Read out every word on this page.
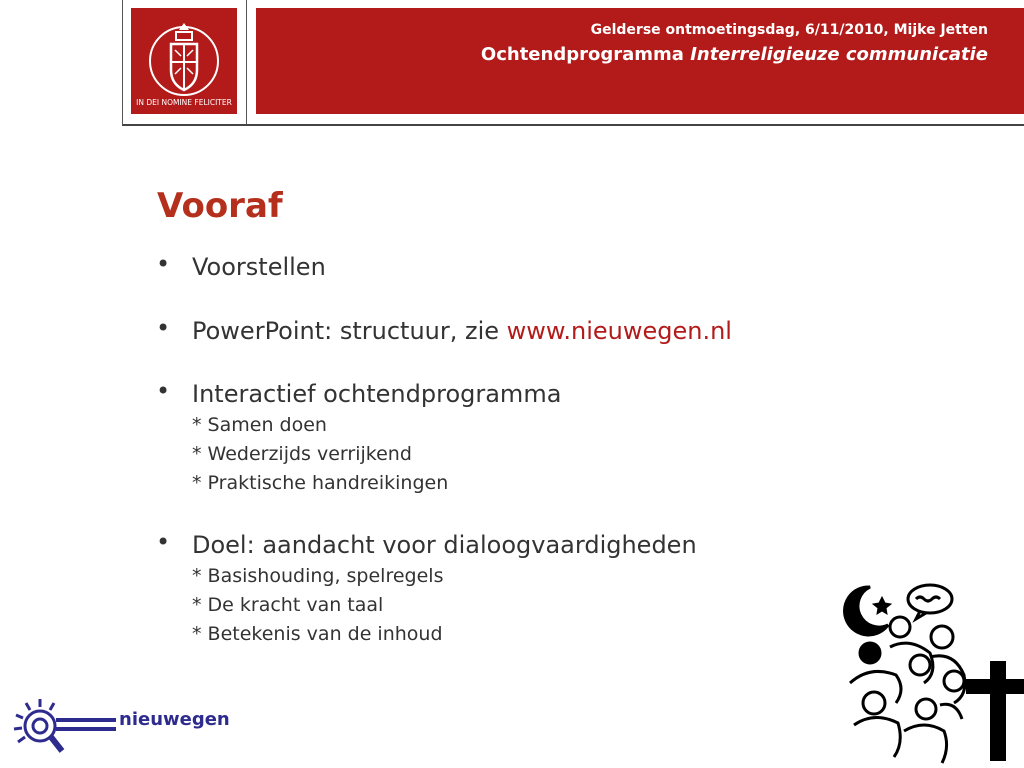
IN DEI NOMINE FELICITER
Gelderse ontmoetingsdag, 6/11/2010, Mijke Jetten
Ochtendprogramma Interreligieuze communicatie
Vooraf
• Voorstellen
• PowerPoint: structuur, zie www.nieuwegen.nl
• Interactief ochtendprogramma
* Samen doen
* Wederzijds verrijkend
* Praktische handreikingen
• Doel: aandacht voor dialoogvaardigheden
* Basishouding, spelregels
* De kracht van taal
* Betekenis van de inhoud
nieuwegen
